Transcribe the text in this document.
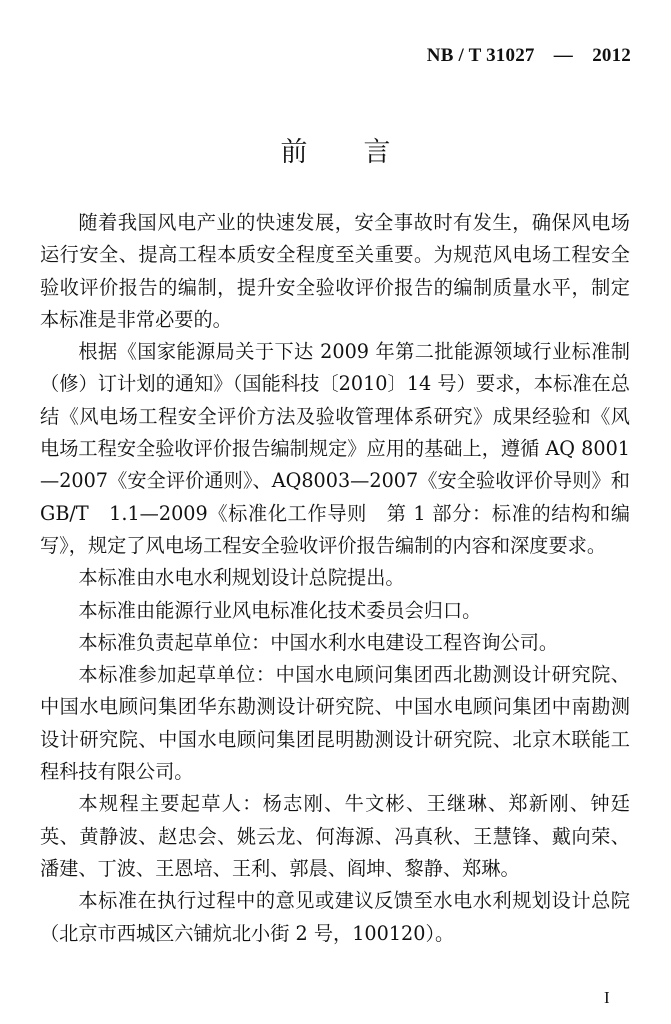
NB / T 31027　—　2012
前言

随着我国风电产业的快速发展，安全事故时有发生，确保风电场运行安全、提高工程本质安全程度至关重要。为规范风电场工程安全验收评价报告的编制，提升安全验收评价报告的编制质量水平，制定本标准是非常必要的。

根据《国家能源局关于下达 2009 年第二批能源领域行业标准制（修）订计划的通知》（国能科技〔2010〕14 号）要求，本标准在总结《风电场工程安全评价方法及验收管理体系研究》成果经验和《风电场工程安全验收评价报告编制规定》应用的基础上，遵循 AQ 8001—2007《安全评价通则》、AQ8003—2007《安全验收评价导则》和 GB/T　1.1—2009《标准化工作导则　第 1 部分：标准的结构和编写》，规定了风电场工程安全验收评价报告编制的内容和深度要求。

本标准由水电水利规划设计总院提出。

本标准由能源行业风电标准化技术委员会归口。

本标准负责起草单位：中国水利水电建设工程咨询公司。

本标准参加起草单位：中国水电顾问集团西北勘测设计研究院、中国水电顾问集团华东勘测设计研究院、中国水电顾问集团中南勘测设计研究院、中国水电顾问集团昆明勘测设计研究院、北京木联能工程科技有限公司。

本规程主要起草人：杨志刚、牛文彬、王继琳、郑新刚、钟廷英、黄静波、赵忠会、姚云龙、何海源、冯真秋、王慧锋、戴向荣、潘建、丁波、王恩培、王利、郭晨、阎坤、黎静、郑琳。

本标准在执行过程中的意见或建议反馈至水电水利规划设计总院（北京市西城区六铺炕北小街 2 号，100120）。

I
